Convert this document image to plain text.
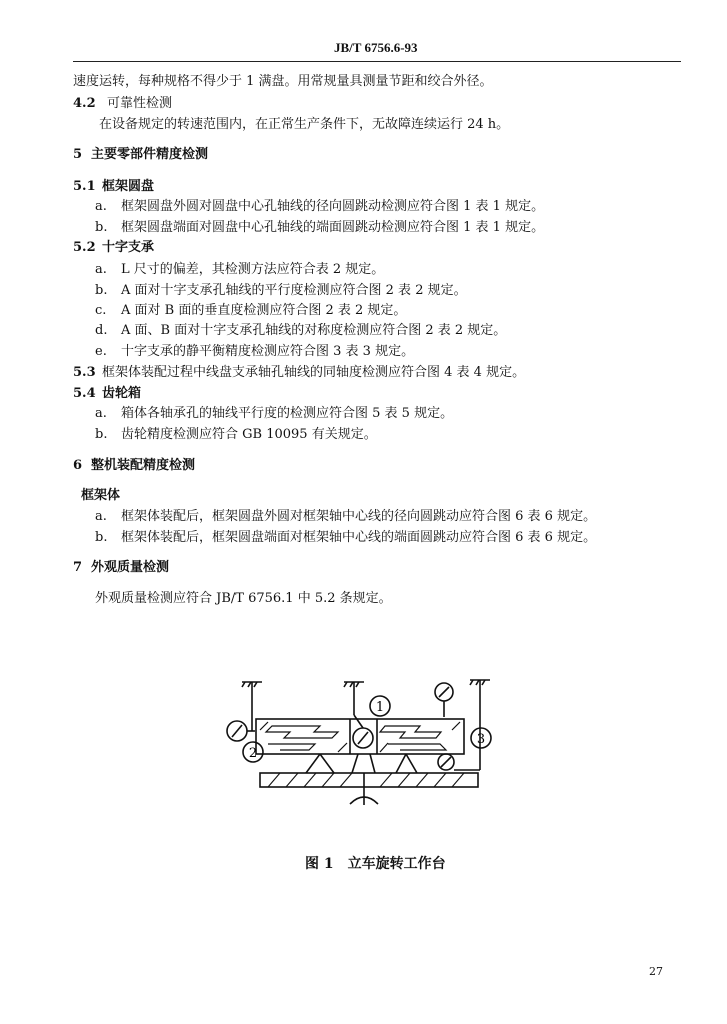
JB/T 6756.6-93
速度运转，每种规格不得少于 1 满盘。用常规量具测量节距和绞合外径。
4.2 可靠性检测
在设备规定的转速范围内，在正常生产条件下，无故障连续运行 24 h。
5 主要零部件精度检测
5.1 框架圆盘
a. 框架圆盘外圆对圆盘中心孔轴线的径向圆跳动检测应符合图 1 表 1 规定。
b. 框架圆盘端面对圆盘中心孔轴线的端面圆跳动检测应符合图 1 表 1 规定。
5.2 十字支承
a. L 尺寸的偏差，其检测方法应符合表 2 规定。
b. A 面对十字支承孔轴线的平行度检测应符合图 2 表 2 规定。
c. A 面对 B 面的垂直度检测应符合图 2 表 2 规定。
d. A 面、B 面对十字支承孔轴线的对称度检测应符合图 2 表 2 规定。
e. 十字支承的静平衡精度检测应符合图 3 表 3 规定。
5.3 框架体装配过程中线盘支承轴孔轴线的同轴度检测应符合图 4 表 4 规定。
5.4 齿轮箱
a. 箱体各轴承孔的轴线平行度的检测应符合图 5 表 5 规定。
b. 齿轮精度检测应符合 GB 10095 有关规定。
6 整机装配精度检测
框架体
a. 框架体装配后，框架圆盘外圆对框架轴中心线的径向圆跳动应符合图 6 表 6 规定。
b. 框架体装配后，框架圆盘端面对框架轴中心线的端面圆跳动应符合图 6 表 6 规定。
7 外观质量检测
外观质量检测应符合 JB/T 6756.1 中 5.2 条规定。
1
2
3
图 1　立车旋转工作台
27
